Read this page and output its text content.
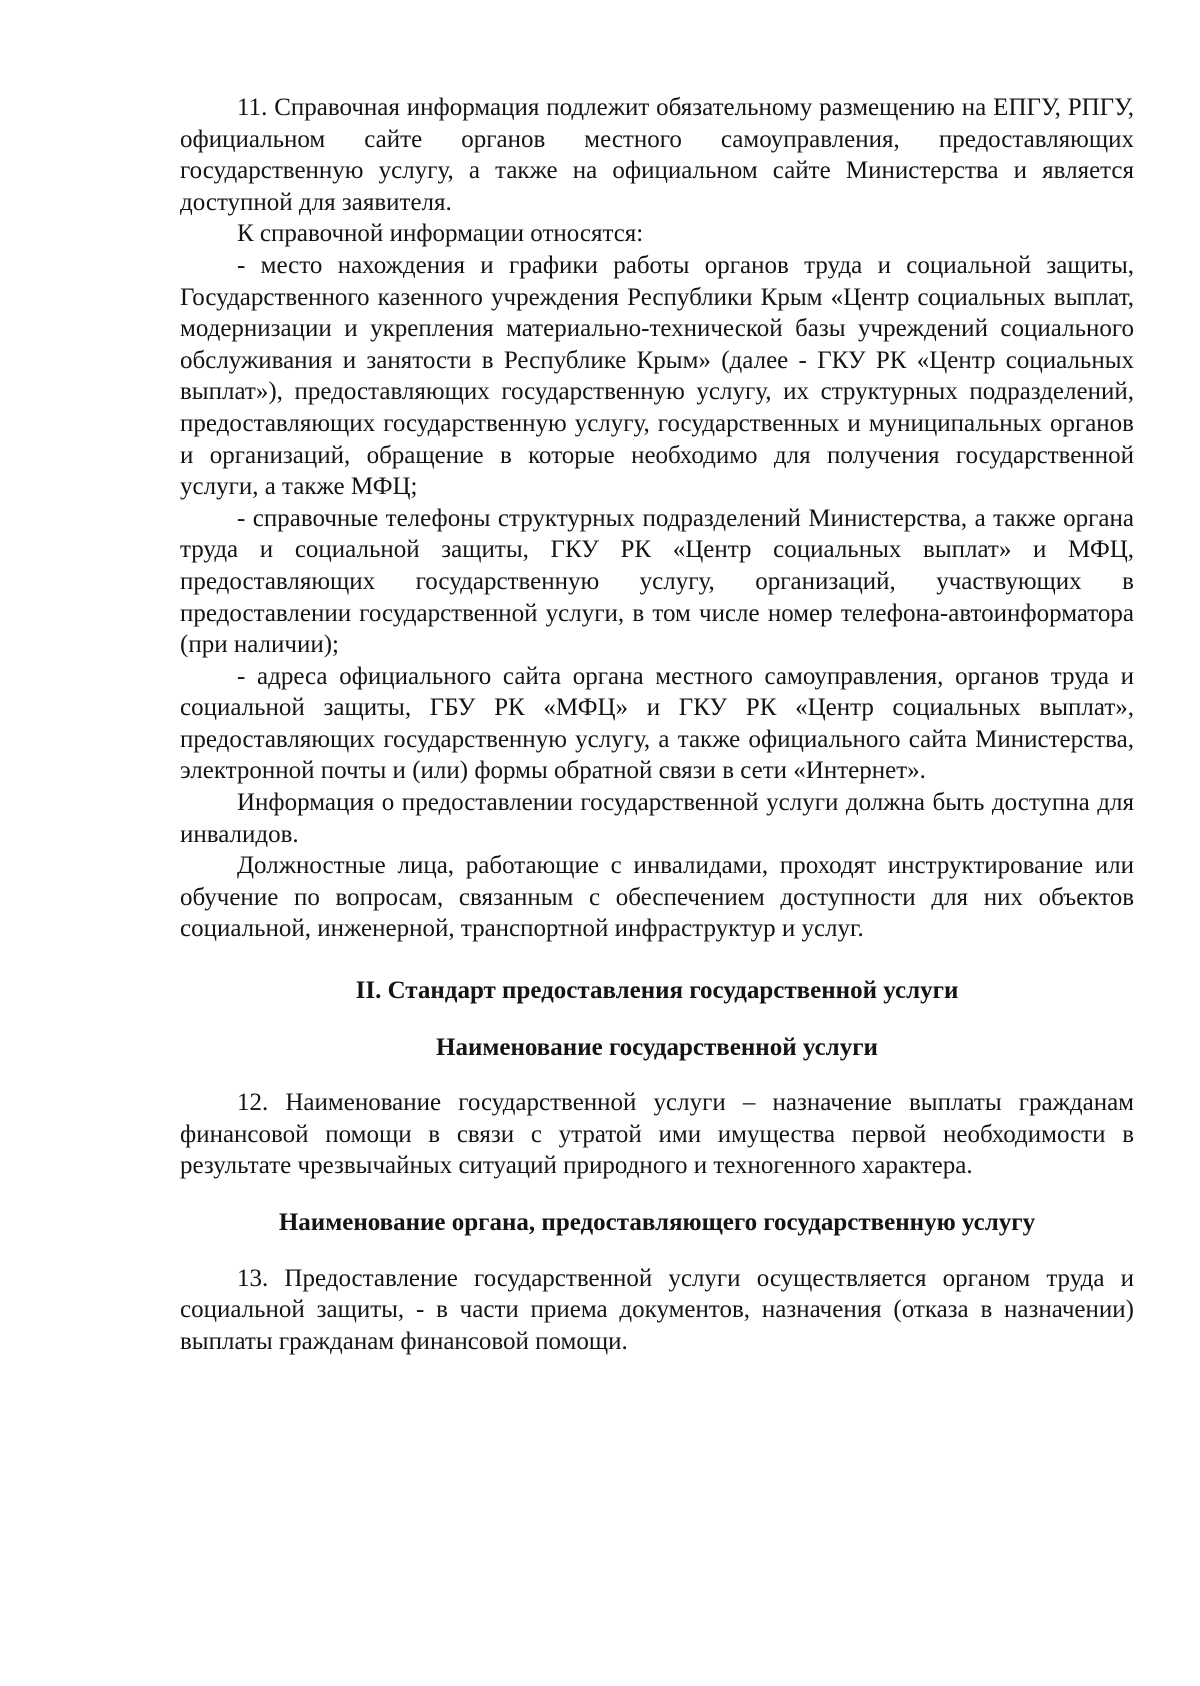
11. Справочная информация подлежит обязательному размещению на ЕПГУ, РПГУ, официальном сайте органов местного самоуправления, предоставляющих государственную услугу, а также на официальном сайте Министерства и является доступной для заявителя.

К справочной информации относятся:

- место нахождения и графики работы органов труда и социальной защиты, Государственного казенного учреждения Республики Крым «Центр социальных выплат, модернизации и укрепления материально-технической базы учреждений социального обслуживания и занятости в Республике Крым» (далее - ГКУ РК «Центр социальных выплат»), предоставляющих государственную услугу, их структурных подразделений, предоставляющих государственную услугу, государственных и муниципальных органов и организаций, обращение в которые необходимо для получения государственной услуги, а также МФЦ;

- справочные телефоны структурных подразделений Министерства, а также органа труда и социальной защиты, ГКУ РК «Центр социальных выплат» и МФЦ, предоставляющих государственную услугу, организаций, участвующих в предоставлении государственной услуги, в том числе номер телефона-автоинформатора (при наличии);

- адреса официального сайта органа местного самоуправления, органов труда и социальной защиты, ГБУ РК «МФЦ» и ГКУ РК «Центр социальных выплат», предоставляющих государственную услугу, а также официального сайта Министерства, электронной почты и (или) формы обратной связи в сети «Интернет».

Информация о предоставлении государственной услуги должна быть доступна для инвалидов.

Должностные лица, работающие с инвалидами, проходят инструктирование или обучение по вопросам, связанным с обеспечением доступности для них объектов социальной, инженерной, транспортной инфраструктур и услуг.

II. Стандарт предоставления государственной услуги

Наименование государственной услуги

12. Наименование государственной услуги – назначение выплаты гражданам финансовой помощи в связи с утратой ими имущества первой необходимости в результате чрезвычайных ситуаций природного и техногенного характера.

Наименование органа, предоставляющего государственную услугу

13. Предоставление государственной услуги осуществляется органом труда и социальной защиты, - в части приема документов, назначения (отказа в назначении) выплаты гражданам финансовой помощи.
